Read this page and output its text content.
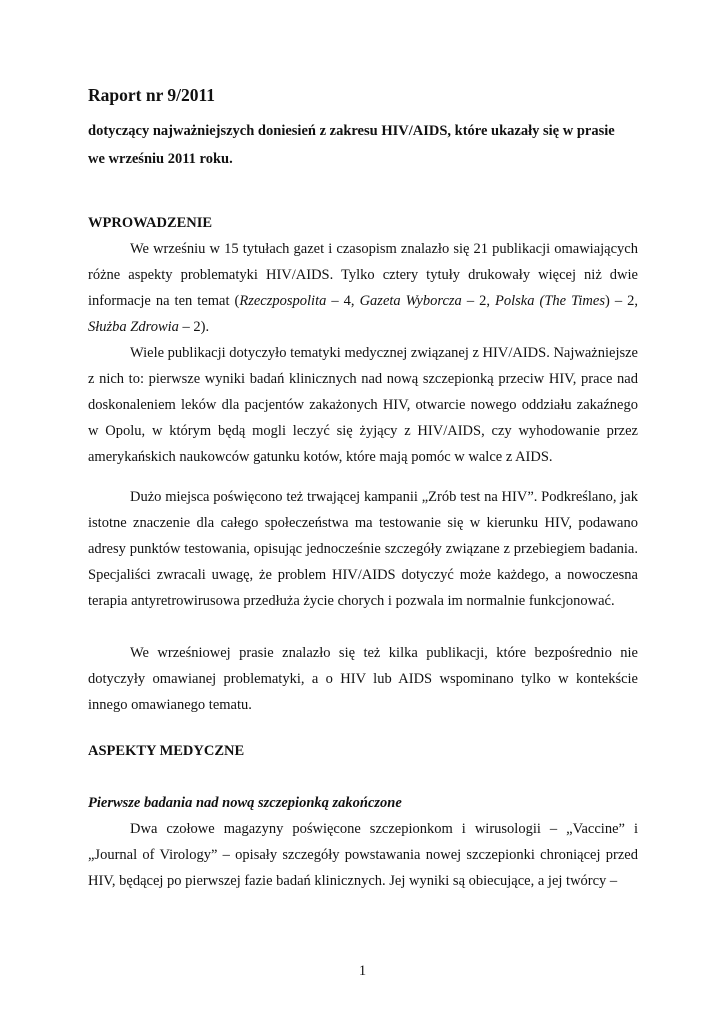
Raport nr 9/2011
dotyczący najważniejszych doniesień z zakresu HIV/AIDS, które ukazały się w prasie
we wrześniu 2011 roku.
WPROWADZENIE

We wrześniu w 15 tytułach gazet i czasopism znalazło się 21 publikacji omawiających różne aspekty problematyki HIV/AIDS. Tylko cztery tytuły drukowały więcej niż dwie informacje na ten temat (Rzeczpospolita – 4, Gazeta Wyborcza – 2, Polska (The Times) – 2, Służba Zdrowia – 2).

Wiele publikacji dotyczyło tematyki medycznej związanej z HIV/AIDS. Najważniejsze z nich to: pierwsze wyniki badań klinicznych nad nową szczepionką przeciw HIV, prace nad doskonaleniem leków dla pacjentów zakażonych HIV, otwarcie nowego oddziału zakaźnego w Opolu, w którym będą mogli leczyć się żyjący z HIV/AIDS, czy wyhodowanie przez amerykańskich naukowców gatunku kotów, które mają pomóc w walce z AIDS.

Dużo miejsca poświęcono też trwającej kampanii „Zrób test na HIV”. Podkreślano, jak istotne znaczenie dla całego społeczeństwa ma testowanie się w kierunku HIV, podawano adresy punktów testowania, opisując jednocześnie szczegóły związane z przebiegiem badania. Specjaliści zwracali uwagę, że problem HIV/AIDS dotyczyć może każdego, a nowoczesna terapia antyretrowirusowa przedłuża życie chorych i pozwala im normalnie funkcjonować.

We wrześniowej prasie znalazło się też kilka publikacji, które bezpośrednio nie dotyczyły omawianej problematyki, a o HIV lub AIDS wspominano tylko w kontekście innego omawianego tematu.

ASPEKTY MEDYCZNE
Pierwsze badania nad nową szczepionką zakończone

Dwa czołowe magazyny poświęcone szczepionkom i wirusologii – „Vaccine” i „Journal of Virology” – opisały szczegóły powstawania nowej szczepionki chroniącej przed HIV, będącej po pierwszej fazie badań klinicznych. Jej wyniki są obiecujące, a jej twórcy –

1
